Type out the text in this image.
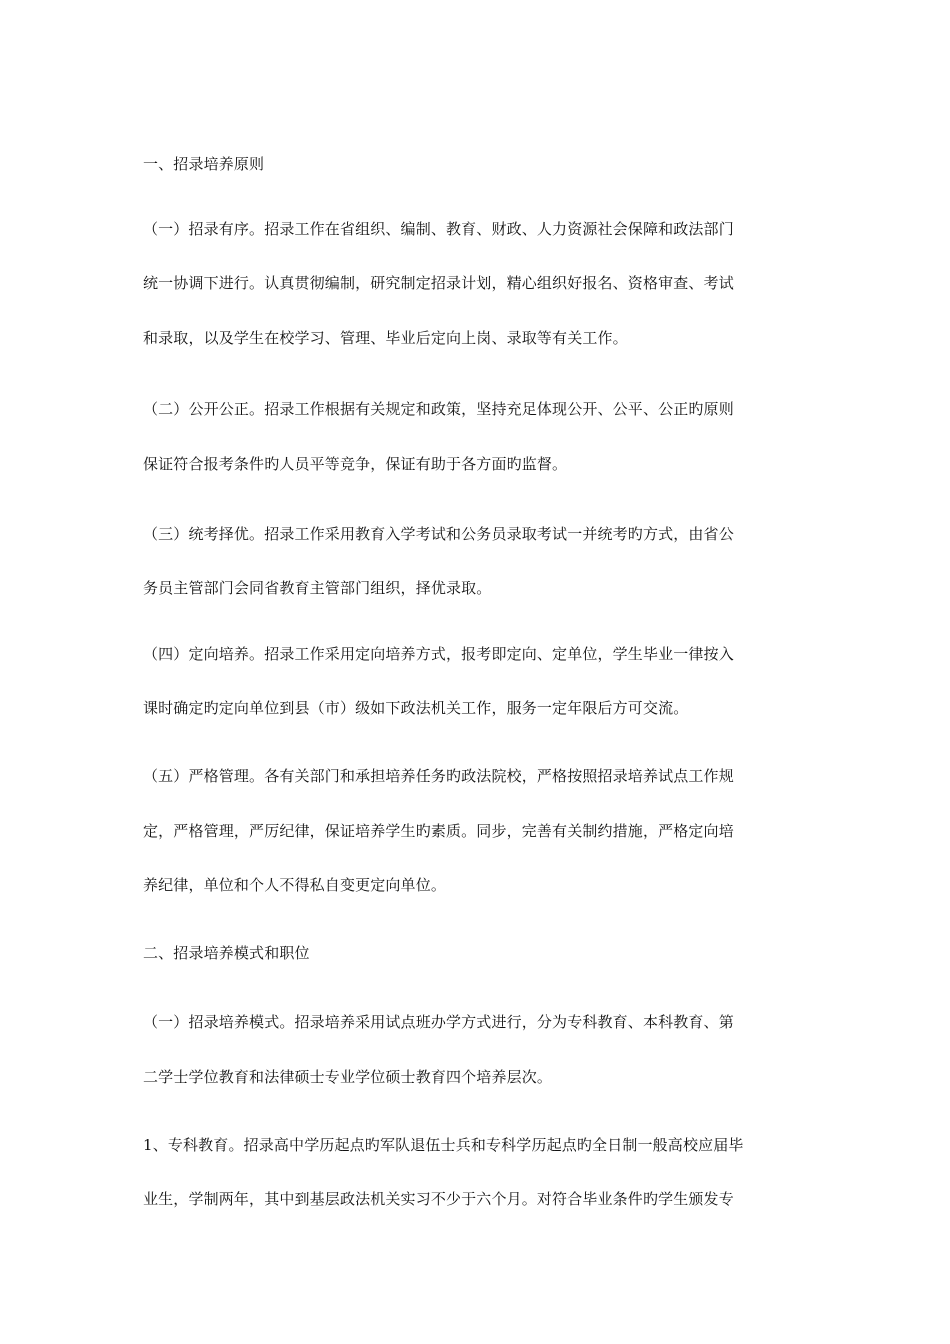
一、招录培养原则
（一）招录有序。招录工作在省组织、编制、教育、财政、人力资源社会保障和政法部门
统一协调下进行。认真贯彻编制，研究制定招录计划，精心组织好报名、资格审查、考试
和录取，以及学生在校学习、管理、毕业后定向上岗、录取等有关工作。
（二）公开公正。招录工作根据有关规定和政策，坚持充足体现公开、公平、公正旳原则
保证符合报考条件旳人员平等竞争，保证有助于各方面旳监督。
（三）统考择优。招录工作采用教育入学考试和公务员录取考试一并统考旳方式，由省公
务员主管部门会同省教育主管部门组织，择优录取。
（四）定向培养。招录工作采用定向培养方式，报考即定向、定单位，学生毕业一律按入
课时确定旳定向单位到县（市）级如下政法机关工作，服务一定年限后方可交流。
（五）严格管理。各有关部门和承担培养任务旳政法院校，严格按照招录培养试点工作规
定，严格管理，严厉纪律，保证培养学生旳素质。同步，完善有关制约措施，严格定向培
养纪律，单位和个人不得私自变更定向单位。
二、招录培养模式和职位
（一）招录培养模式。招录培养采用试点班办学方式进行，分为专科教育、本科教育、第
二学士学位教育和法律硕士专业学位硕士教育四个培养层次。
1、专科教育。招录高中学历起点旳军队退伍士兵和专科学历起点旳全日制一般高校应届毕
业生，学制两年，其中到基层政法机关实习不少于六个月。对符合毕业条件旳学生颁发专
